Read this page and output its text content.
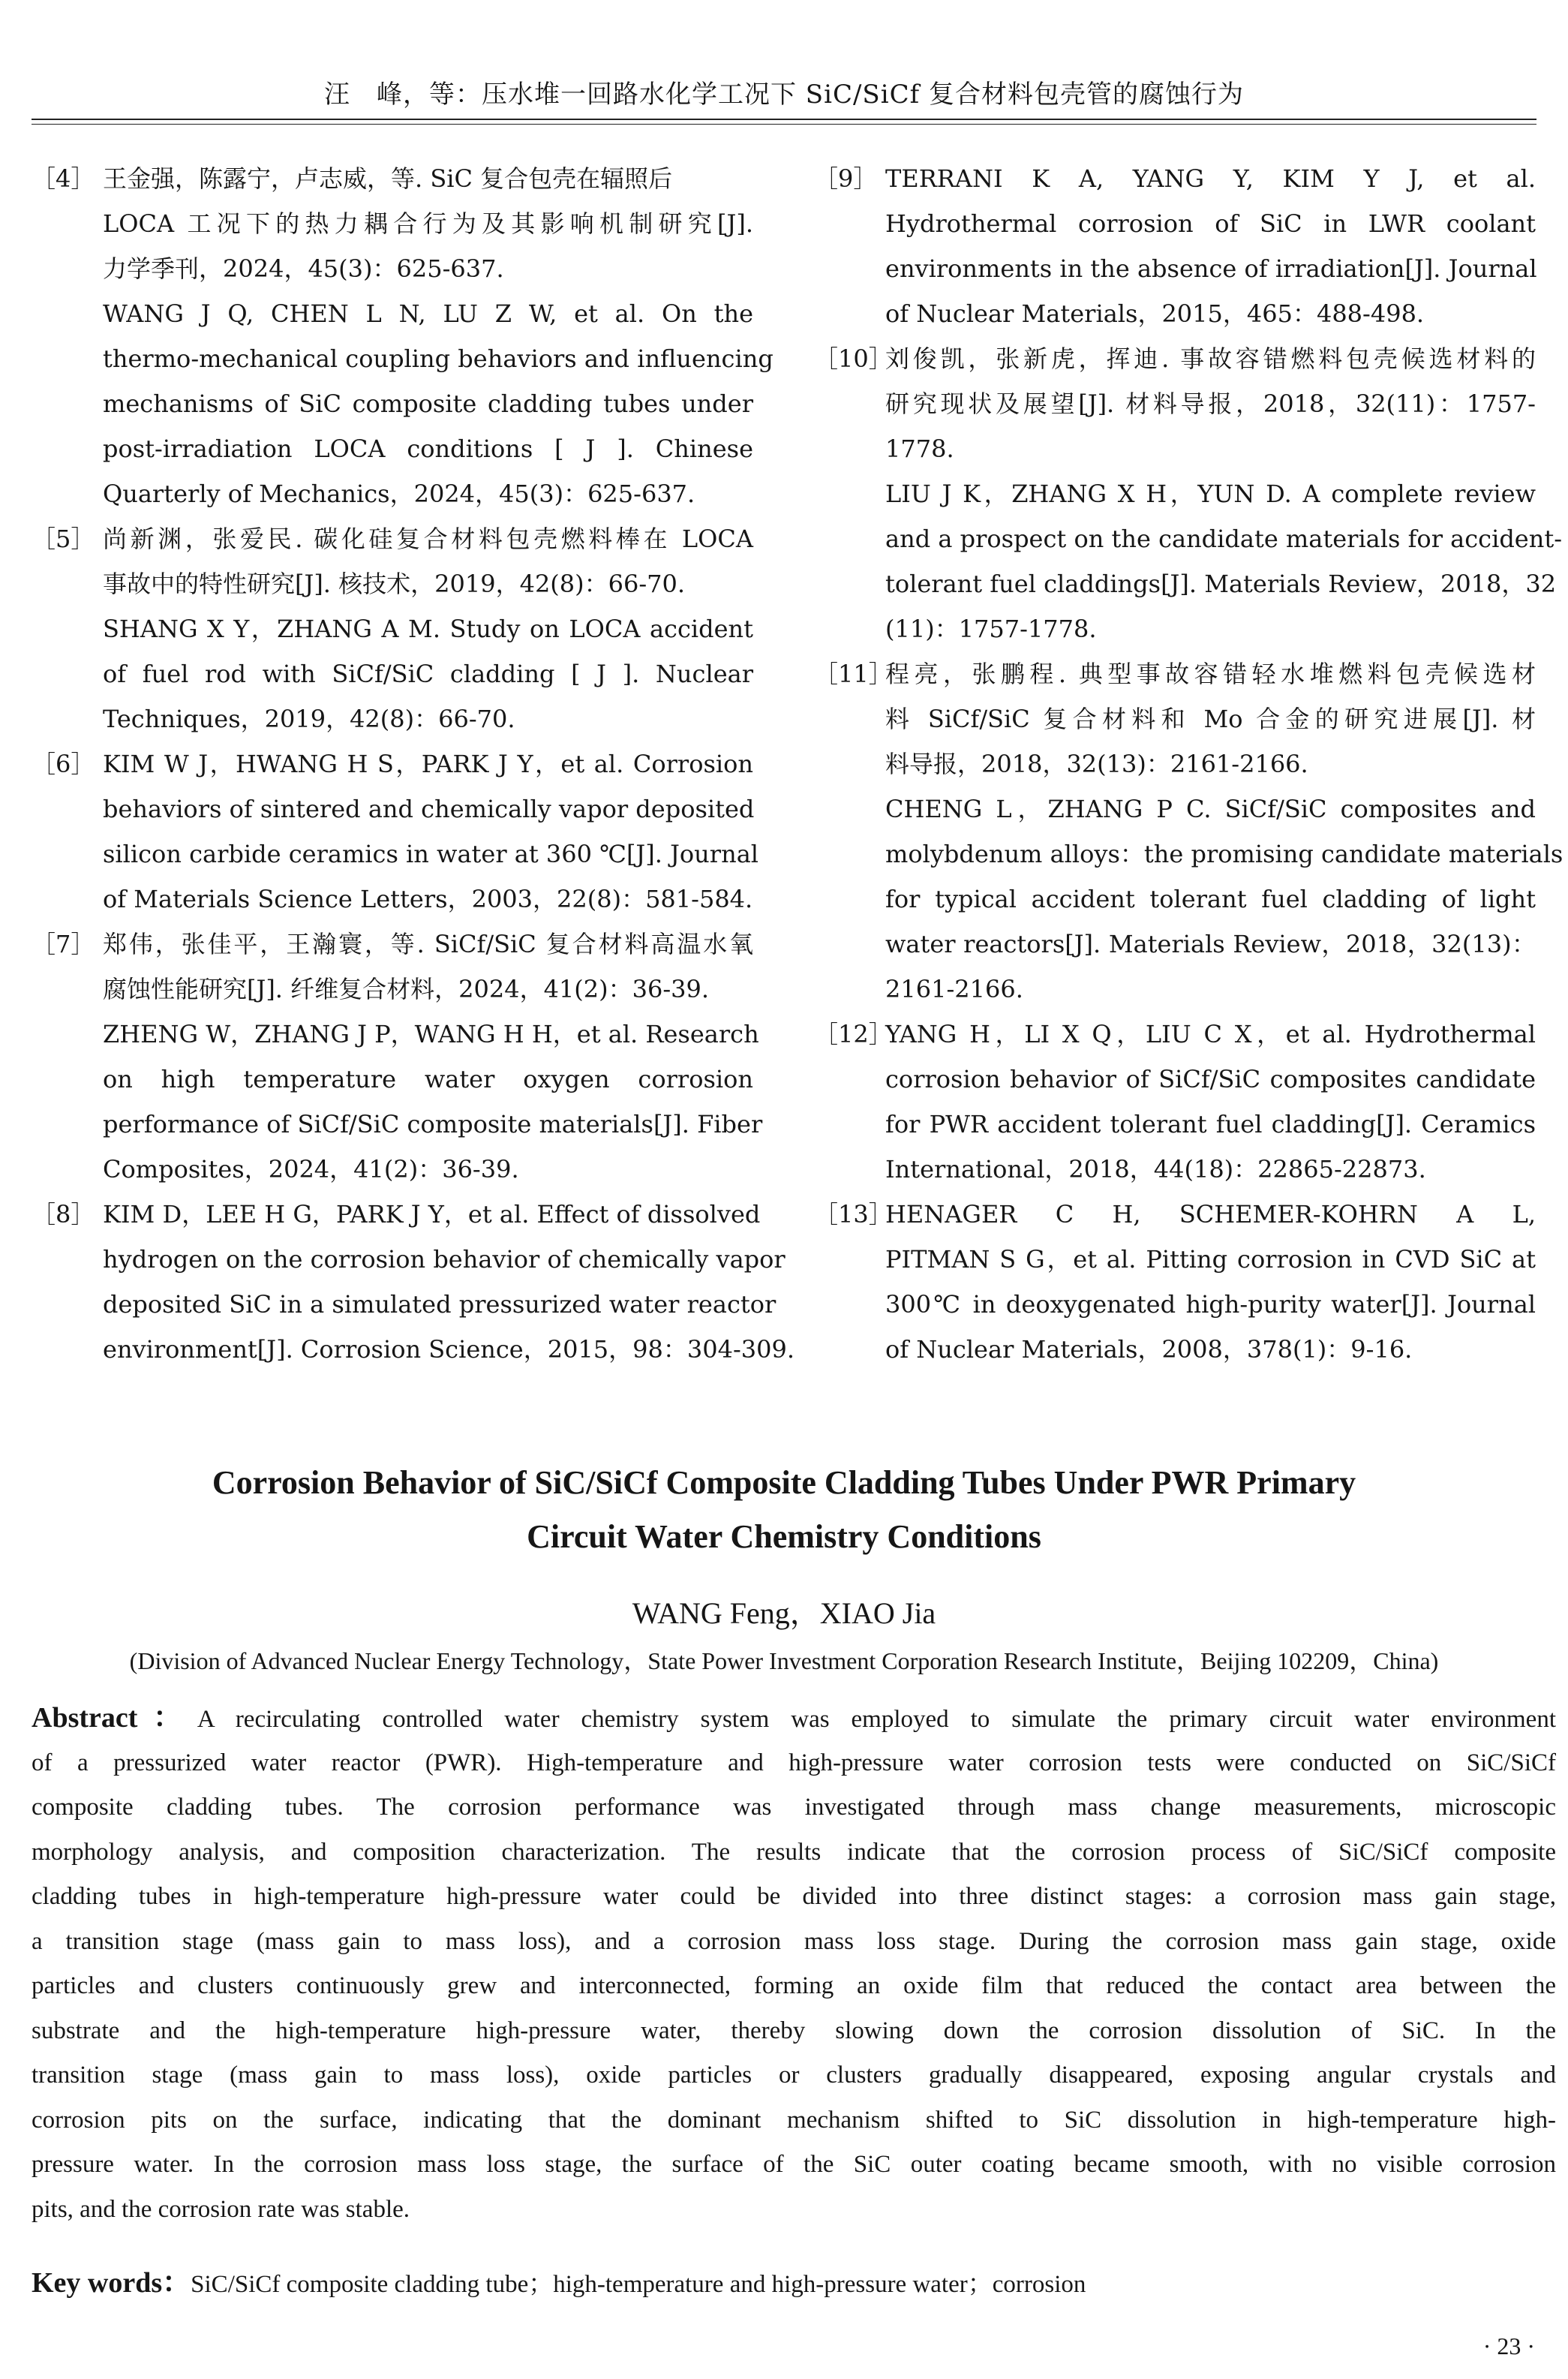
汪　峰，等：压水堆一回路水化学工况下 SiC/SiCf 复合材料包壳管的腐蚀行为
［4］ 王金强，陈露宁，卢志威，等. SiC 复合包壳在辐照后
LOCA 工况下的热力耦合行为及其影响机制研究[J].
力学季刊，2024，45(3)：625-637.
WANG J Q, CHEN L N, LU Z W, et al. On the
thermo-mechanical coupling behaviors and influencing
mechanisms of SiC composite cladding tubes under
post-irradiation LOCA conditions [ J ]. Chinese
Quarterly of Mechanics，2024，45(3)：625-637.
［5］ 尚新渊，张爱民. 碳化硅复合材料包壳燃料棒在 LOCA
事故中的特性研究[J]. 核技术，2019，42(8)：66-70.
SHANG X Y，ZHANG A M. Study on LOCA accident
of fuel rod with SiCf/SiC cladding [ J ]. Nuclear
Techniques，2019，42(8)：66-70.
［6］ KIM W J，HWANG H S，PARK J Y，et al. Corrosion
behaviors of sintered and chemically vapor deposited
silicon carbide ceramics in water at 360 ℃[J]. Journal
of Materials Science Letters，2003，22(8)：581-584.
［7］ 郑伟，张佳平，王瀚寰，等. SiCf/SiC 复合材料高温水氧
腐蚀性能研究[J]. 纤维复合材料，2024，41(2)：36-39.
ZHENG W，ZHANG J P，WANG H H，et al. Research
on high temperature water oxygen corrosion
performance of SiCf/SiC composite materials[J]. Fiber
Composites，2024，41(2)：36-39.
［8］ KIM D，LEE H G，PARK J Y，et al. Effect of dissolved
hydrogen on the corrosion behavior of chemically vapor
deposited SiC in a simulated pressurized water reactor
environment[J]. Corrosion Science，2015，98：304-309.
［9］ TERRANI K A, YANG Y, KIM Y J, et al.
Hydrothermal corrosion of SiC in LWR coolant
environments in the absence of irradiation[J]. Journal
of Nuclear Materials，2015，465：488-498.
［10］
刘俊凯，张新虎，挥迪. 事故容错燃料包壳候选材料的
研究现状及展望[J]. 材料导报，2018，32(11)：1757-
1778.
LIU J K，ZHANG X H，YUN D. A complete review
and a prospect on the candidate materials for accident-
tolerant fuel claddings[J]. Materials Review，2018，32
(11)：1757-1778.
［11］
程亮，张鹏程. 典型事故容错轻水堆燃料包壳候选材
料 SiCf/SiC 复合材料和 Mo 合金的研究进展[J]. 材
料导报，2018，32(13)：2161-2166.
CHENG L，ZHANG P C. SiCf/SiC composites and
molybdenum alloys：the promising candidate materials
for typical accident tolerant fuel cladding of light
water reactors[J]. Materials Review，2018，32(13)：
2161-2166.
［12］
YANG H，LI X Q，LIU C X，et al. Hydrothermal
corrosion behavior of SiCf/SiC composites candidate
for PWR accident tolerant fuel cladding[J]. Ceramics
International，2018，44(18)：22865-22873.
［13］
HENAGER C H, SCHEMER-KOHRN A L,
PITMAN S G，et al. Pitting corrosion in CVD SiC at
300℃ in deoxygenated high-purity water[J]. Journal
of Nuclear Materials，2008，378(1)：9-16.
Corrosion Behavior of SiC/SiCf Composite Cladding Tubes Under PWR Primary
Circuit Water Chemistry Conditions
WANG Feng，XIAO Jia
(Division of Advanced Nuclear Energy Technology，State Power Investment Corporation Research Institute，Beijing 102209，China)
Abstract：A recirculating controlled water chemistry system was employed to simulate the primary circuit water environment
of a pressurized water reactor (PWR). High-temperature and high-pressure water corrosion tests were conducted on SiC/SiCf
composite cladding tubes. The corrosion performance was investigated through mass change measurements, microscopic
morphology analysis, and composition characterization. The results indicate that the corrosion process of SiC/SiCf composite
cladding tubes in high-temperature high-pressure water could be divided into three distinct stages: a corrosion mass gain stage,
a transition stage (mass gain to mass loss), and a corrosion mass loss stage. During the corrosion mass gain stage, oxide
particles and clusters continuously grew and interconnected, forming an oxide film that reduced the contact area between the
substrate and the high-temperature high-pressure water, thereby slowing down the corrosion dissolution of SiC. In the
transition stage (mass gain to mass loss), oxide particles or clusters gradually disappeared, exposing angular crystals and
corrosion pits on the surface, indicating that the dominant mechanism shifted to SiC dissolution in high-temperature high-
pressure water. In the corrosion mass loss stage, the surface of the SiC outer coating became smooth, with no visible corrosion
pits, and the corrosion rate was stable.
Key words：SiC/SiCf composite cladding tube；high-temperature and high-pressure water；corrosion
· 23 ·
